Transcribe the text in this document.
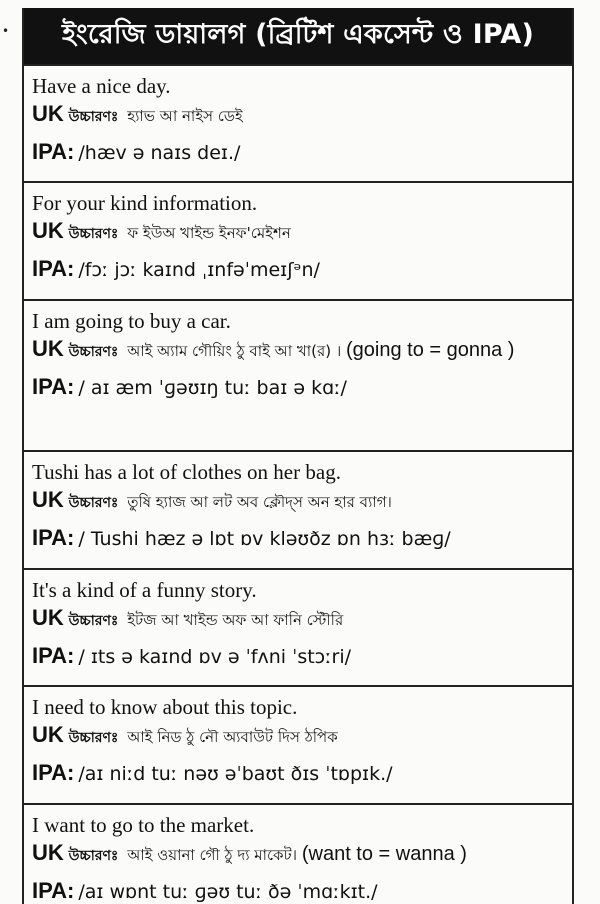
• ইংরেজি ডায়ালগ (ব্রিটিশ একসেন্ট ও IPA)
Have a nice day.
UK উচ্চারণঃ হ্যাভ আ নাইস ডেই
IPA: /hæv ə naɪs deɪ./
For your kind information.
UK উচ্চারণঃ ফ ইউঅ খাইন্ড ইনফ'মেইশন
IPA: /fɔː jɔː kaɪnd ˌɪnfəˈmeɪʃᵊn/
I am going to buy a car.
UK উচ্চারণঃ আই অ্যাম গৌয়িং ঠু বাই আ খা(র) । (going to = gonna )
IPA: / aɪ æm ˈɡəʊɪŋ tuː baɪ ə kɑː/
Tushi has a lot of clothes on her bag.
UK উচ্চারণঃ তুষি হ্যাজ আ লট অব ক্লৌদ্‌স অন হার ব্যাগ।
IPA: / Tushi hæz ə lɒt ɒv kləʊðz ɒn hɜː bæɡ/
It's a kind of a funny story.
UK উচ্চারণঃ ইটজ আ খাইন্ড অফ আ ফানি স্টৌরি
IPA: / ɪts ə kaɪnd ɒv ə ˈfʌni ˈstɔːri/
I need to know about this topic.
UK উচ্চারণঃ আই নিড ঠু নৌ অ্যবাউট দিস ঠপিক
IPA: /aɪ niːd tuː nəʊ əˈbaʊt ðɪs ˈtɒpɪk./
I want to go to the market.
UK উচ্চারণঃ আই ওয়ানা গৌ ঠু দ্য মাকেট। (want to = wanna )
IPA: /aɪ wɒnt tuː ɡəʊ tuː ðə ˈmɑːkɪt./
